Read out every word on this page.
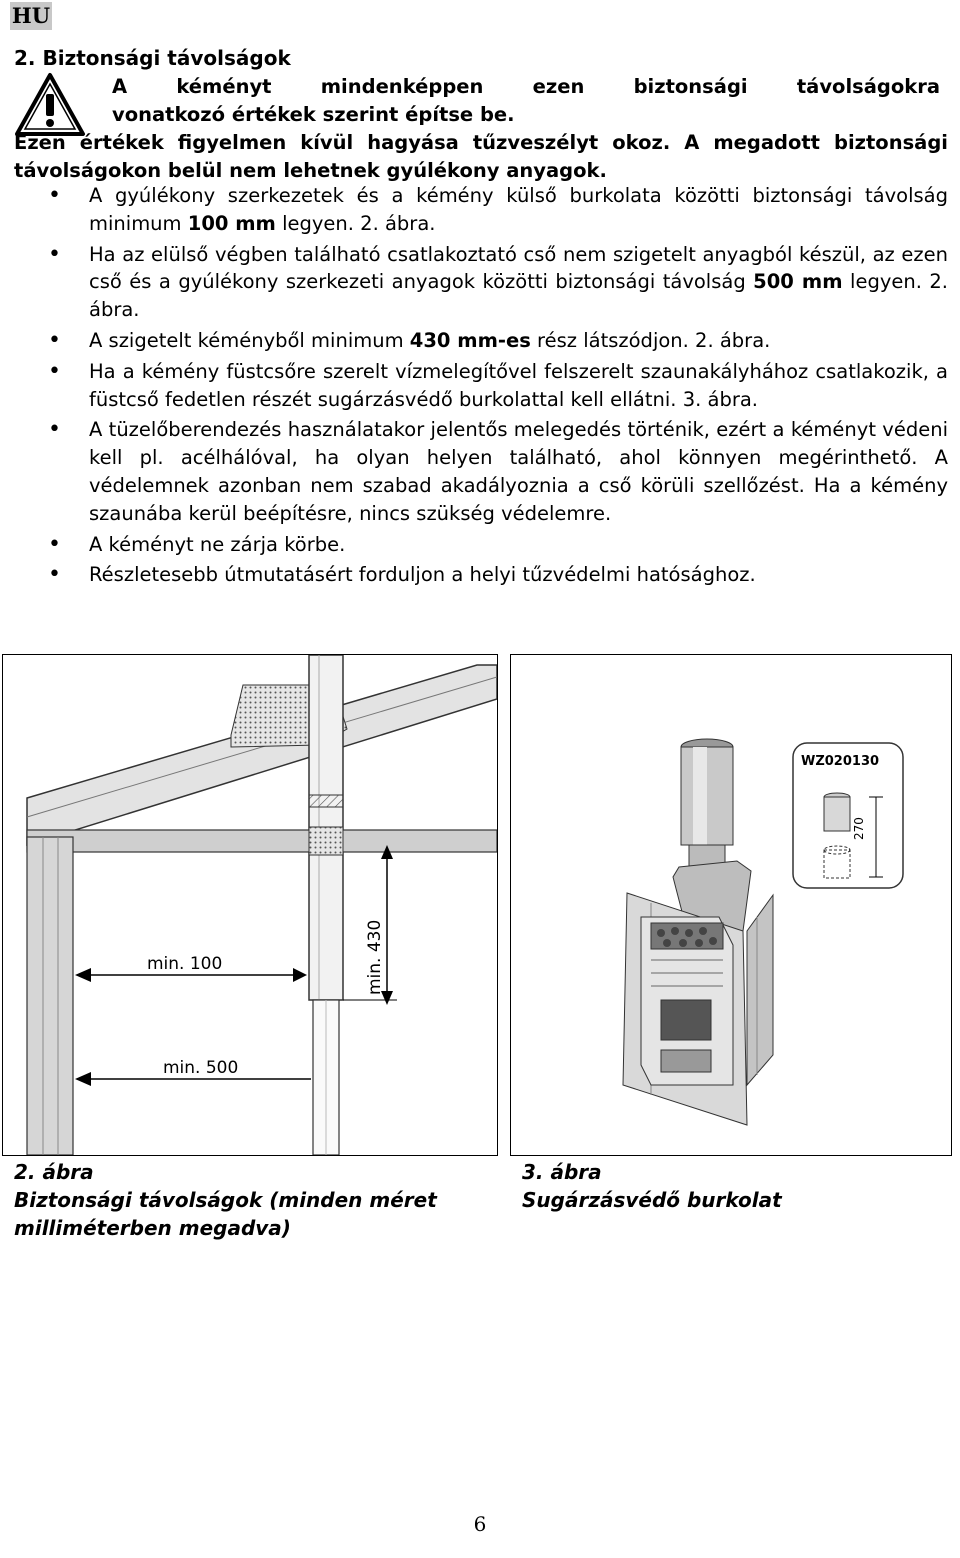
HU
2. Biztonsági távolságok
A kéményt mindenképpen ezen biztonsági távolságokra
vonatkozó értékek szerint építse be.
Ezen értékek figyelmen kívül hagyása tűzveszélyt okoz. A megadott biztonsági távolságokon belül nem lehetnek gyúlékony anyagok.
• A gyúlékony szerkezetek és a kémény külső burkolata közötti biztonsági távolság minimum 100 mm legyen. 2. ábra.
• Ha az elülső végben található csatlakoztató cső nem szigetelt anyagból készül, az ezen cső és a gyúlékony szerkezeti anyagok közötti biztonsági távolság 500 mm legyen. 2. ábra.
• A szigetelt kéményből minimum 430 mm-es rész látszódjon. 2. ábra.
• Ha a kémény füstcsőre szerelt vízmelegítővel felszerelt szaunakályhához csatlakozik, a füstcső fedetlen részét sugárzásvédő burkolattal kell ellátni. 3. ábra.
• A tüzelőberendezés használatakor jelentős melegedés történik, ezért a kéményt védeni kell pl. acélhálóval, ha olyan helyen található, ahol könnyen megérinthető. A védelemnek azonban nem szabad akadályoznia a cső körüli szellőzést. Ha a kémény szaunába kerül beépítésre, nincs szükség védelemre.
• A kéményt ne zárja körbe.
• Részletesebb útmutatásért forduljon a helyi tűzvédelmi hatósághoz.
min. 100	min. 430
min. 500
WZ020130
270
2. ábra
Biztonsági távolságok (minden méret milliméterben megadva)
3. ábra
Sugárzásvédő burkolat
6
